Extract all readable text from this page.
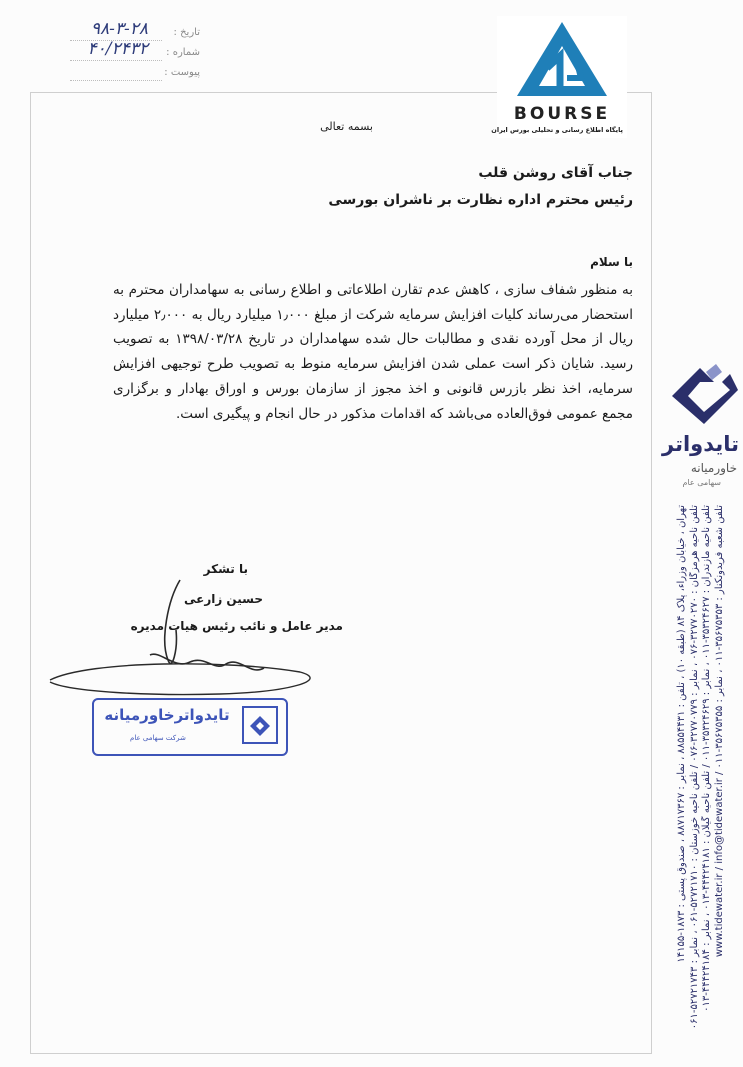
تاریخ :
۹۸-۳-۲۸
شماره :
۴۰/۲۴۳۲
پیوست :
BOURSE
پایگاه اطلاع رسانی و تحلیلی بورس ایران
بسمه تعالی
جناب آقای روشن قلب
رئیس محترم اداره نظارت بر ناشران بورسی
با سلام
به منظور شفاف سازی ، کاهش عدم تقارن اطلاعاتی و اطلاع رسانی به سهامداران محترم به استحضار می‌رساند کلیات افزایش سرمایه شرکت از مبلغ ۱٫۰۰۰ میلیارد ریال به ۲٫۰۰۰ میلیارد ریال از محل آورده نقدی و مطالبات حال شده سهامداران در تاریخ ۱۳۹۸/۰۳/۲۸ به تصویب رسید. شایان ذکر است عملی شدن افزایش سرمایه منوط به تصویب طرح توجیهی افزایش سرمایه، اخذ نظر بازرس قانونی و اخذ مجوز از سازمان بورس و اوراق بهادار و برگزاری مجمع عمومی فوق‌العاده می‌باشد که اقدامات مذکور در حال انجام و پیگیری است.
با تشکر
حسین زارعی
مدیر عامل و نائب رئیس هیات مدیره
تایدواترخاورمیانه
شرکت سهامی عام
تایدواتر
خاورمیانه
سهامی عام
تهران ، خیابان وزراء، پلاک ۸۴ (طبقه ۱۰) ، تلفن : ۸۸۵۵۴۴۳۱ ، نمابر : ۸۸۷۱۷۳۶۷ ، صندوق پستی : ۱۸۷۳-۱۴۱۵۵
تلفن ناحیه هرمزگان : ۳۲۷۷۰۲۷۰-۰۷۶ ، نمابر : ۳۲۷۷۰۷۷۹-۰۷۶ / تلفن ناحیه خوزستان : ۵۲۷۲۱۷۱۰-۰۶۱ ، نمابر : ۵۲۷۲۱۷۴۳-۰۶۱
تلفن ناحیه مازندران : ۳۵۳۲۴۶۲۷-۰۱۱ ، نمابر : ۳۵۳۲۴۶۲۹-۰۱۱ / تلفن ناحیه گیلان : ۴۴۴۲۴۱۸۱-۰۱۳ ، نمابر : ۴۴۴۲۴۱۸۴-۰۱۳
تلفن شعبه فریدونکنار : ۳۵۶۷۵۳۵۳-۰۱۱ ، نمابر : ۳۵۶۷۵۳۵۵-۰۱۱ / www.tidewater.ir / info@tidewater.ir
